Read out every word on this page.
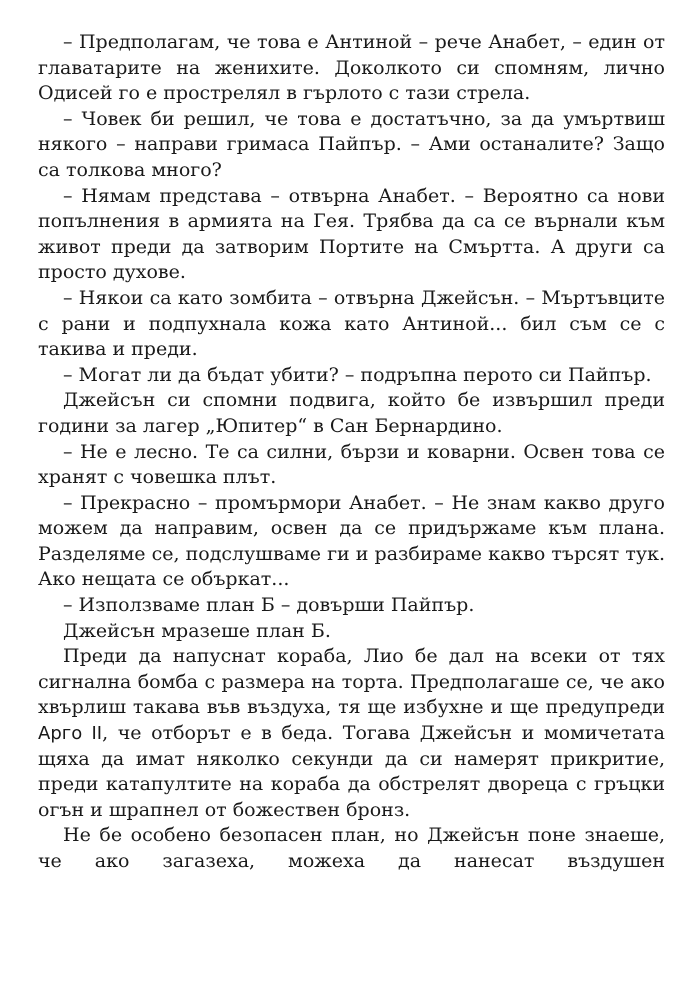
– Предполагам, че това е Антиной – рече Анабет, – един от главатарите на женихите. Доколкото си спомням, лично Одисей го е прострелял в гърлото с тази стрела.

– Човек би решил, че това е достатъчно, за да умъртвиш някого – направи гримаса Пайпър. – Ами останалите? Защо са толкова много?

– Нямам представа – отвърна Анабет. – Вероятно са нови попълнения в армията на Гея. Трябва да са се върнали към живот преди да затворим Портите на Смъртта. А други са просто духове.

– Някои са като зомбита – отвърна Джейсън. – Мъртъвците с рани и подпухнала кожа като Антиной... бил съм се с такива и преди.

– Могат ли да бъдат убити? – подръпна перото си Пайпър.

Джейсън си спомни подвига, който бе извършил преди години за лагер „Юпитер“ в Сан Бернардино.

– Не е лесно. Те са силни, бързи и коварни. Освен това се хранят с човешка плът.

– Прекрасно – промърмори Анабет. – Не знам какво друго можем да направим, освен да се придържаме към плана. Разделяме се, подслушваме ги и разбираме какво търсят тук. Ако нещата се объркат...

– Използваме план Б – довърши Пайпър.

Джейсън мразеше план Б.

Преди да напуснат кораба, Лио бе дал на всеки от тях сигнална бомба с размера на торта. Предполагаше се, че ако хвърлиш такава във въздуха, тя ще избухне и ще предупреди Арго II, че отборът е в беда. Тогава Джейсън и момичетата щяха да имат няколко секунди да си намерят прикритие, преди катапултите на кораба да обстрелят двореца с гръцки огън и шрапнел от божествен бронз.

Не бе особено безопасен план, но Джейсън поне знаеше, че ако загазеха, можеха да нанесат въздушен
